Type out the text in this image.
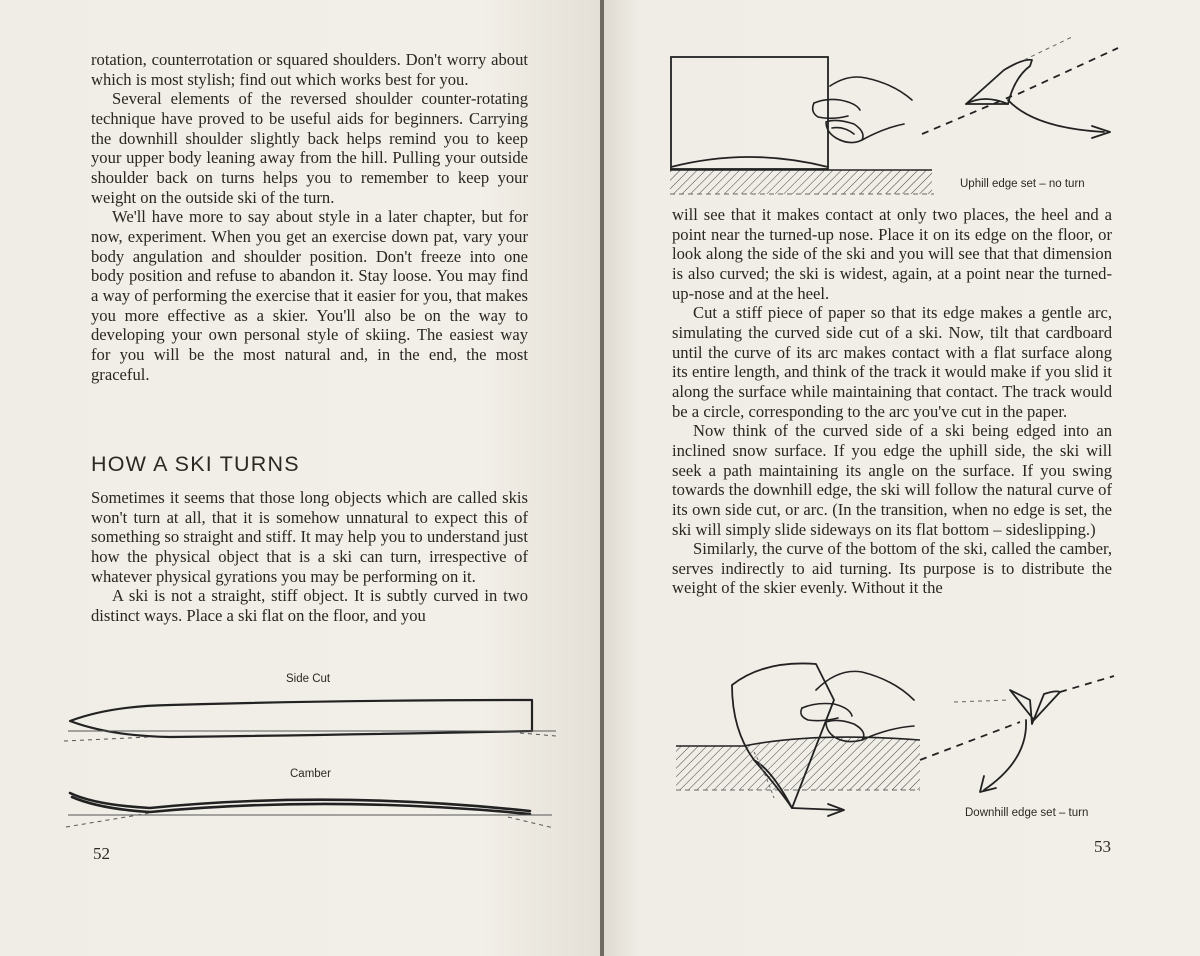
rotation, counterrotation or squared shoulders. Don't worry about which is most stylish; find out which works best for you.

Several elements of the reversed shoulder counter-rotating technique have proved to be useful aids for beginners. Carrying the downhill shoulder slightly back helps remind you to keep your upper body leaning away from the hill. Pulling your outside shoulder back on turns helps you to remember to keep your weight on the outside ski of the turn.

We'll have more to say about style in a later chapter, but for now, experiment. When you get an exercise down pat, vary your body angulation and shoulder position. Don't freeze into one body position and refuse to abandon it. Stay loose. You may find a way of performing the exercise that it easier for you, that makes you more effective as a skier. You'll also be on the way to developing your own personal style of skiing. The easiest way for you will be the most natural and, in the end, the most graceful.

HOW A SKI TURNS

Sometimes it seems that those long objects which are called skis won't turn at all, that it is somehow unnatural to expect this of something so straight and stiff. It may help you to understand just how the physical object that is a ski can turn, irrespective of whatever physical gyrations you may be performing on it.

A ski is not a straight, stiff object. It is subtly curved in two distinct ways. Place a ski flat on the floor, and you

Side Cut
Camber
52
Uphill edge set – no turn

will see that it makes contact at only two places, the heel and a point near the turned-up nose. Place it on its edge on the floor, or look along the side of the ski and you will see that that dimension is also curved; the ski is widest, again, at a point near the turned-up-nose and at the heel.

Cut a stiff piece of paper so that its edge makes a gentle arc, simulating the curved side cut of a ski. Now, tilt that cardboard until the curve of its arc makes contact with a flat surface along its entire length, and think of the track it would make if you slid it along the surface while maintaining that contact. The track would be a circle, corresponding to the arc you've cut in the paper.

Now think of the curved side of a ski being edged into an inclined snow surface. If you edge the uphill side, the ski will seek a path maintaining its angle on the surface. If you swing towards the downhill edge, the ski will follow the natural curve of its own side cut, or arc. (In the transition, when no edge is set, the ski will simply slide sideways on its flat bottom – sideslipping.)

Similarly, the curve of the bottom of the ski, called the camber, serves indirectly to aid turning. Its purpose is to distribute the weight of the skier evenly. Without it the

Downhill edge set – turn
53
